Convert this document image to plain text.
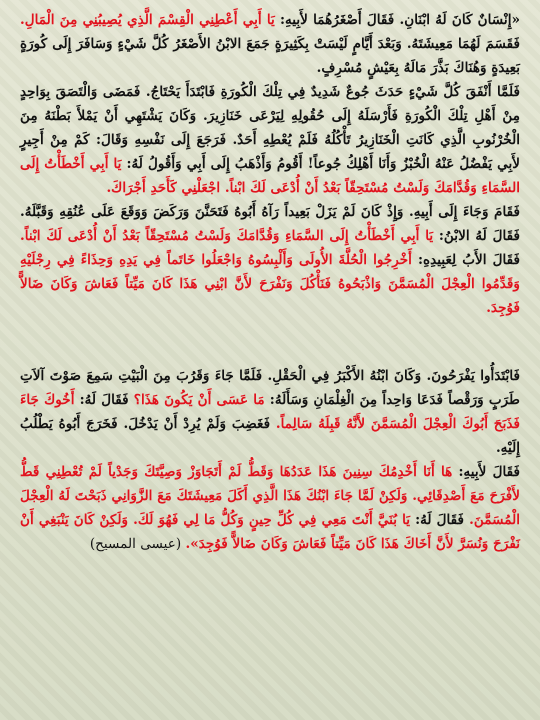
«إِنْسَانٌ كَانَ لَهُ ابْنَانِ. فَقَالَ أَصْغَرُهُمَا لأَبِيهِ: يَا أَبِي أَعْطِنِي الْقِسْمَ الَّذِي يُصِيبُنِي مِنَ الْمَالِ. فَقَسَمَ لَهُمَا مَعِيشَتَهُ. وَبَعْدَ أَيَّامٍ لَيْسَتْ بِكَثِيرَةٍ جَمَعَ الابْنُ الأَصْغَرُ كُلَّ شَيْءٍ وَسَافَرَ إِلَى كُورَةٍ بَعِيدَةٍ وَهُنَاكَ بَذَّرَ مَالَهُ بِعَيْشٍ مُسْرِفٍ.

فَلَمَّا أَنْفَقَ كُلَّ شَيْءٍ حَدَثَ جُوعٌ شَدِيدٌ فِي تِلْكَ الْكُورَةِ فَابْتَدَأَ يَحْتَاجُ. فَمَضَى وَالْتَصَقَ بِوَاحِدٍ مِنْ أَهْلِ تِلْكَ الْكُورَةِ فَأَرْسَلَهُ إِلَى حُقُولِهِ لِيَرْعَى خَنَازِيرَ. وَكَانَ يَشْتَهِي أَنْ يَمْلأَ بَطْنَهُ مِنَ الْخُرْنُوبِ الَّذِي كَانَتِ الْخَنَازِيرُ تَأْكُلُهُ فَلَمْ يُعْطِهِ أَحَدٌ. فَرَجَعَ إِلَى نَفْسِهِ وَقَالَ: كَمْ مِنْ أَجِيرٍ لأَبِي يَفْضُلُ عَنْهُ الْخُبْزُ وَأَنَا أَهْلِكُ جُوعاً! أَقُومُ وَأَذْهَبُ إِلَى أَبِي وَأَقُولُ لَهُ: يَا أَبِي أَخْطَأْتُ إِلَى السَّمَاءِ وَقُدَّامَكَ وَلَسْتُ مُسْتَحِقّاً بَعْدُ أَنْ أُدْعَى لَكَ ابْناً. اجْعَلْنِي كَأَحَدِ أَجْرَاكَ.

فَقَامَ وَجَاءَ إِلَى أَبِيهِ. وَإِذْ كَانَ لَمْ يَزَلْ بَعِيداً رَآهُ أَبُوهُ فَتَحَنَّنَ وَرَكَضَ وَوَقَعَ عَلَى عُنُقِهِ وَقَبَّلَهُ. فَقَالَ لَهُ الابْنُ: يَا أَبِي أَخْطَأْتُ إِلَى السَّمَاءِ وَقُدَّامَكَ وَلَسْتُ مُسْتَحِقّاً بَعْدُ أَنْ أُدْعَى لَكَ ابْناً. فَقَالَ الأَبُ لِعَبِيدِهِ: أَخْرِجُوا الْحُلَّةَ الأُولَى وَأَلْبِسُوهُ وَاجْعَلُوا خَاتَماً فِي يَدِهِ وَحِذَاءً فِي رِجْلَيْهِ وَقَدِّمُوا الْعِجْلَ الْمُسَمَّنَ وَاذْبَحُوهُ فَنَأْكُلَ وَنَفْرَحَ لأَنَّ ابْنِي هَذَا كَانَ مَيِّتاً فَعَاشَ وَكَانَ ضَالاًّ فَوُجِدَ.

فَابْتَدَأُوا يَفْرَحُونَ. وَكَانَ ابْنُهُ الأَكْبَرُ فِي الْحَقْلِ. فَلَمَّا جَاءَ وَقَرُبَ مِنَ الْبَيْتِ سَمِعَ صَوْتَ آلاَتِ طَرَبٍ وَرَقْصاً فَدَعَا وَاحِداً مِنَ الْغِلْمَانِ وَسَأَلَهُ: مَا عَسَى أَنْ يَكُونَ هَذَا؟ فَقَالَ لَهُ: أَخُوكَ جَاءَ فَذَبَحَ أَبُوكَ الْعِجْلَ الْمُسَمَّنَ لأَنَّهُ قَبِلَهُ سَالِماً. فَغَضِبَ وَلَمْ يُرِدْ أَنْ يَدْخُلَ. فَخَرَجَ أَبُوهُ يَطْلُبُ إِلَيْهِ.

فَقَالَ لأَبِيهِ: هَا أَنَا أَخْدِمُكَ سِنِينَ هَذَا عَدَدُهَا وَقَطُّ لَمْ أَتَجَاوَزْ وَصِيَّتَكَ وَجَدْياً لَمْ تُعْطِنِي قَطُّ لأَفْرَحَ مَعَ أَصْدِقَائِي. وَلَكِنْ لَمَّا جَاءَ ابْنُكَ هَذَا الَّذِي أَكَلَ مَعِيشَتَكَ مَعَ الزَّوَانِي ذَبَحْتَ لَهُ الْعِجْلَ الْمُسَمَّنَ. فَقَالَ لَهُ: يَا بُنَيَّ أَنْتَ مَعِي فِي كُلِّ حِينٍ وَكُلُّ مَا لِي فَهُوَ لَكَ. وَلَكِنْ كَانَ يَنْبَغِي أَنْ نَفْرَحَ وَنُسَرَّ لأَنَّ أَخَاكَ هَذَا كَانَ مَيِّتاً فَعَاشَ وَكَانَ ضَالاًّ فَوُجِدَ». (عيسى المسيح)
